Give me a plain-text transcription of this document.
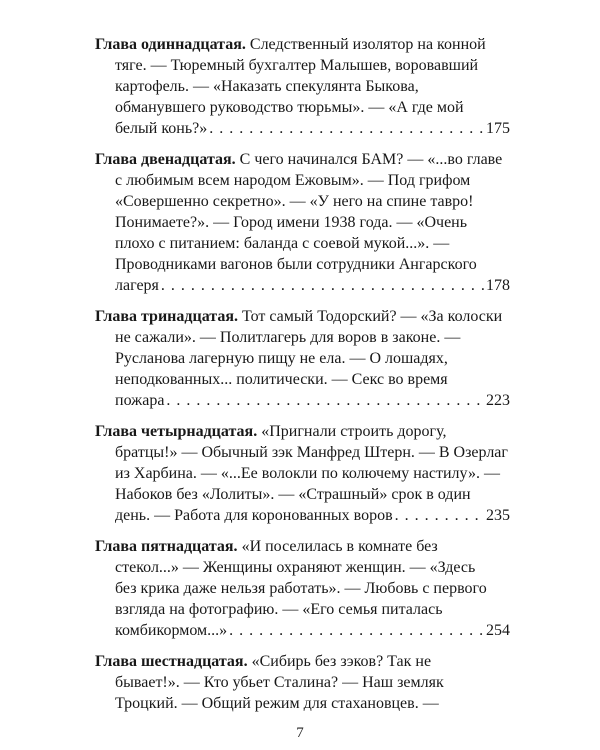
Глава одиннадцатая. Следственный изолятор на конной
тяге. — Тюремный бухгалтер Малышев, воровавший
картофель. — «Наказать спекулянта Быкова,
обманувшего руководство тюрьмы». — «А где мой
белый конь?» . . .	175
Глава двенадцатая. С чего начинался БАМ? — «...во главе
с любимым всем народом Ежовым». — Под грифом
«Совершенно секретно». — «У него на спине тавро!
Понимаете?». — Город имени 1938 года. — «Очень
плохо с питанием: баланда с соевой мукой...». —
Проводниками вагонов были сотрудники Ангарского
лагеря . . .	178
Глава тринадцатая. Тот самый Тодорский? — «За колоски
не сажали». — Политлагерь для воров в законе. —
Русланова лагерную пищу не ела. — О лошадях,
неподкованных... политически. — Секс во время
пожара . . .	223
Глава четырнадцатая. «Пригнали строить дорогу,
братцы!» — Обычный зэк Манфред Штерн. — В Озерлаг
из Харбина. — «...Ее волокли по колючему настилу». —
Набоков без «Лолиты». — «Страшный» срок в один
день. — Работа для коронованных воров . . .	235
Глава пятнадцатая. «И поселилась в комнате без
стекол...» — Женщины охраняют женщин. — «Здесь
без крика даже нельзя работать». — Любовь с первого
взгляда на фотографию. — «Его семья питалась
комбикормом...» . . .	254
Глава шестнадцатая. «Сибирь без зэков? Так не
бывает!». — Кто убьет Сталина? — Наш земляк
Троцкий. — Общий режим для стахановцев. —
7
